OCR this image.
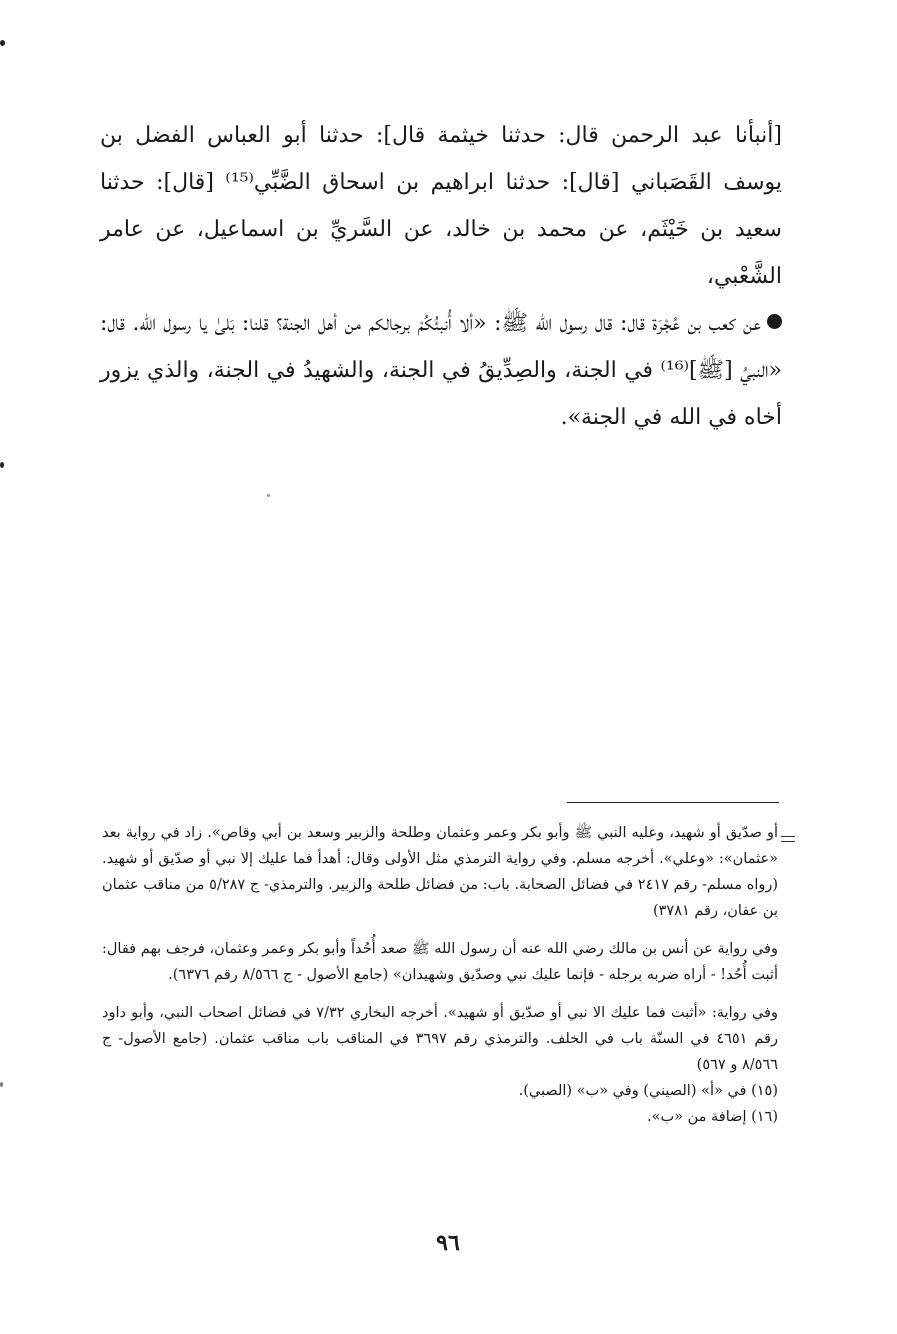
[أنبأنا عبد الرحمن قال: حدثنا خيثمة قال]: حدثنا أبو العباس الفضل بن يوسف القَصَباني [قال]: حدثنا ابراهيم بن اسحاق الضَّبِّي⁽¹⁵⁾ [قال]: حدثنا سعيد بن خَيْثَم، عن محمد بن خالد، عن السَّريِّ بن اسماعيل، عن عامر الشَّعْبي،

عن كعب بن عُجْرَة قال: قال رسول الله ﷺ: «ألا أُنبئُكُمْ برجالكم من أهل الجنة؟ قلنا: بَلىٰ يا رسول الله. قال: «النبيُ [ﷺ]⁽¹⁶⁾ في الجنة، والصِدِّيقُ في الجنة، والشهيدُ في الجنة، والذي يزور أخاه في الله في الجنة».

أو صدّيق أو شهيد، وعليه النبي ﷺ وأبو بكر وعمر وعثمان وطلحة والزبير وسعد بن أبي وقاص». زاد في رواية بعد «عثمان»: «وعلي». أخرجه مسلم. وفي رواية الترمذي مثل الأولى وقال: أهدأ فما عليك إلا نبي أو صدّيق أو شهيد. (رواه مسلم- رقم ٢٤١٧ في فضائل الصحابة. باب: من فضائل طلحة والزبير. والترمذي- ج ٥/٢٨٧ من مناقب عثمان بن عفان، رقم ٣٧٨١)

وفي رواية عن أنس بن مالك رضي الله عنه أن رسول الله ﷺ صعد أُحُداً وأبو بكر وعمر وعثمان، فرجف بهم فقال: أثبت أُحُد! - أراه ضربه برجله - فإنما عليك نبي وصدّيق وشهيدان» (جامع الأصول - ج ٨/٥٦٦ رقم ٦٣٧٦).

وفي رواية: «أثبت فما عليك الا نبي أو صدّيق أو شهيد». أخرجه البخاري ٧/٣٢ في فضائل اصحاب النبي، وأبو داود رقم ٤٦٥١ في السنّة باب في الخلف. والترمذي رقم ٣٦٩٧ في المناقب باب مناقب عثمان. (جامع الأصول- ج ٨/٥٦٦ و ٥٦٧)

(١٥) في «أ» (الصيني) وفي «ب» (الصبي).

(١٦) إضافة من «ب».

٩٦
